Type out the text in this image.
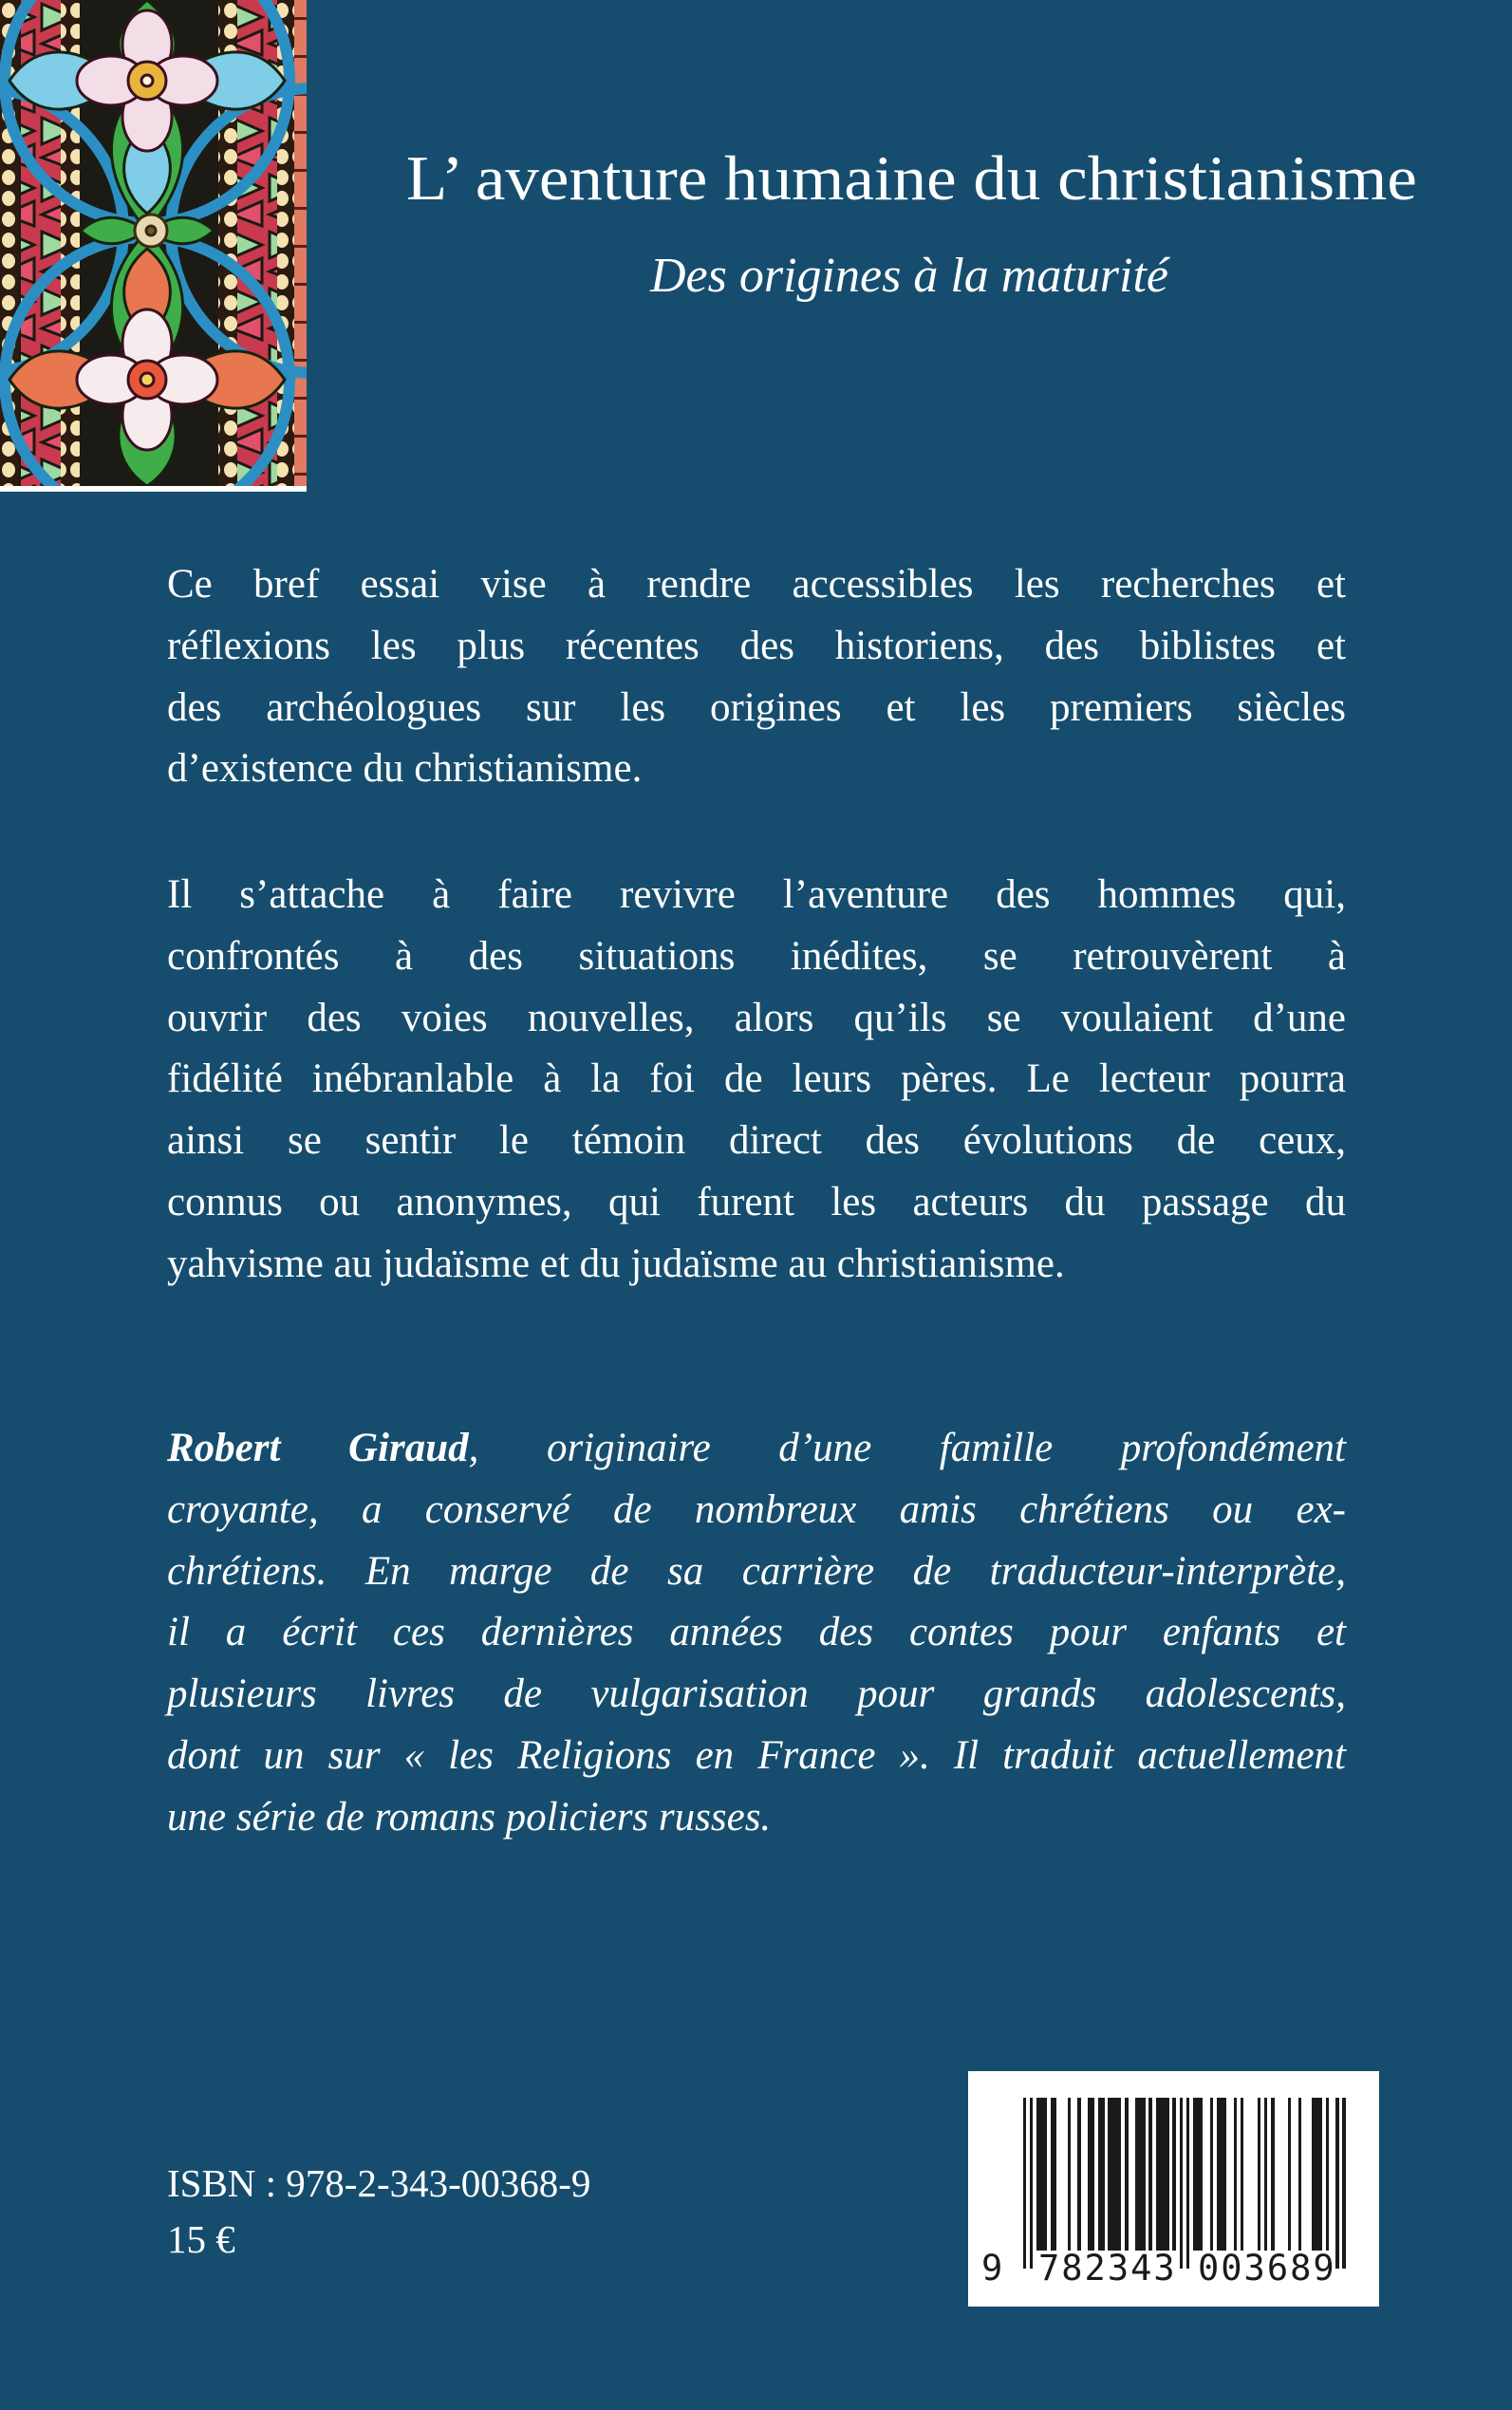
L’ aventure humaine du christianisme
Des origines à la maturité
Ce bref essai vise à rendre accessibles les recherches et
réflexions les plus récentes des historiens, des biblistes et
des archéologues sur les origines et les premiers siècles
d’existence du christianisme.
Il s’attache à faire revivre l’aventure des hommes qui,
confrontés à des situations inédites, se retrouvèrent à
ouvrir des voies nouvelles, alors qu’ils se voulaient d’une
fidélité inébranlable à la foi de leurs pères. Le lecteur pourra
ainsi se sentir le témoin direct des évolutions de ceux,
connus ou anonymes, qui furent les acteurs du passage du
yahvisme au judaïsme et du judaïsme au christianisme.
Robert Giraud, originaire d’une famille profondément
croyante, a conservé de nombreux amis chrétiens ou ex-
chrétiens. En marge de sa carrière de traducteur-interprète,
il a écrit ces dernières années des contes pour enfants et
plusieurs livres de vulgarisation pour grands adolescents,
dont un sur « les Religions en France ». Il traduit actuellement
une série de romans policiers russes.
ISBN : 978-2-343-00368-9
15 €
9 782343 003689
